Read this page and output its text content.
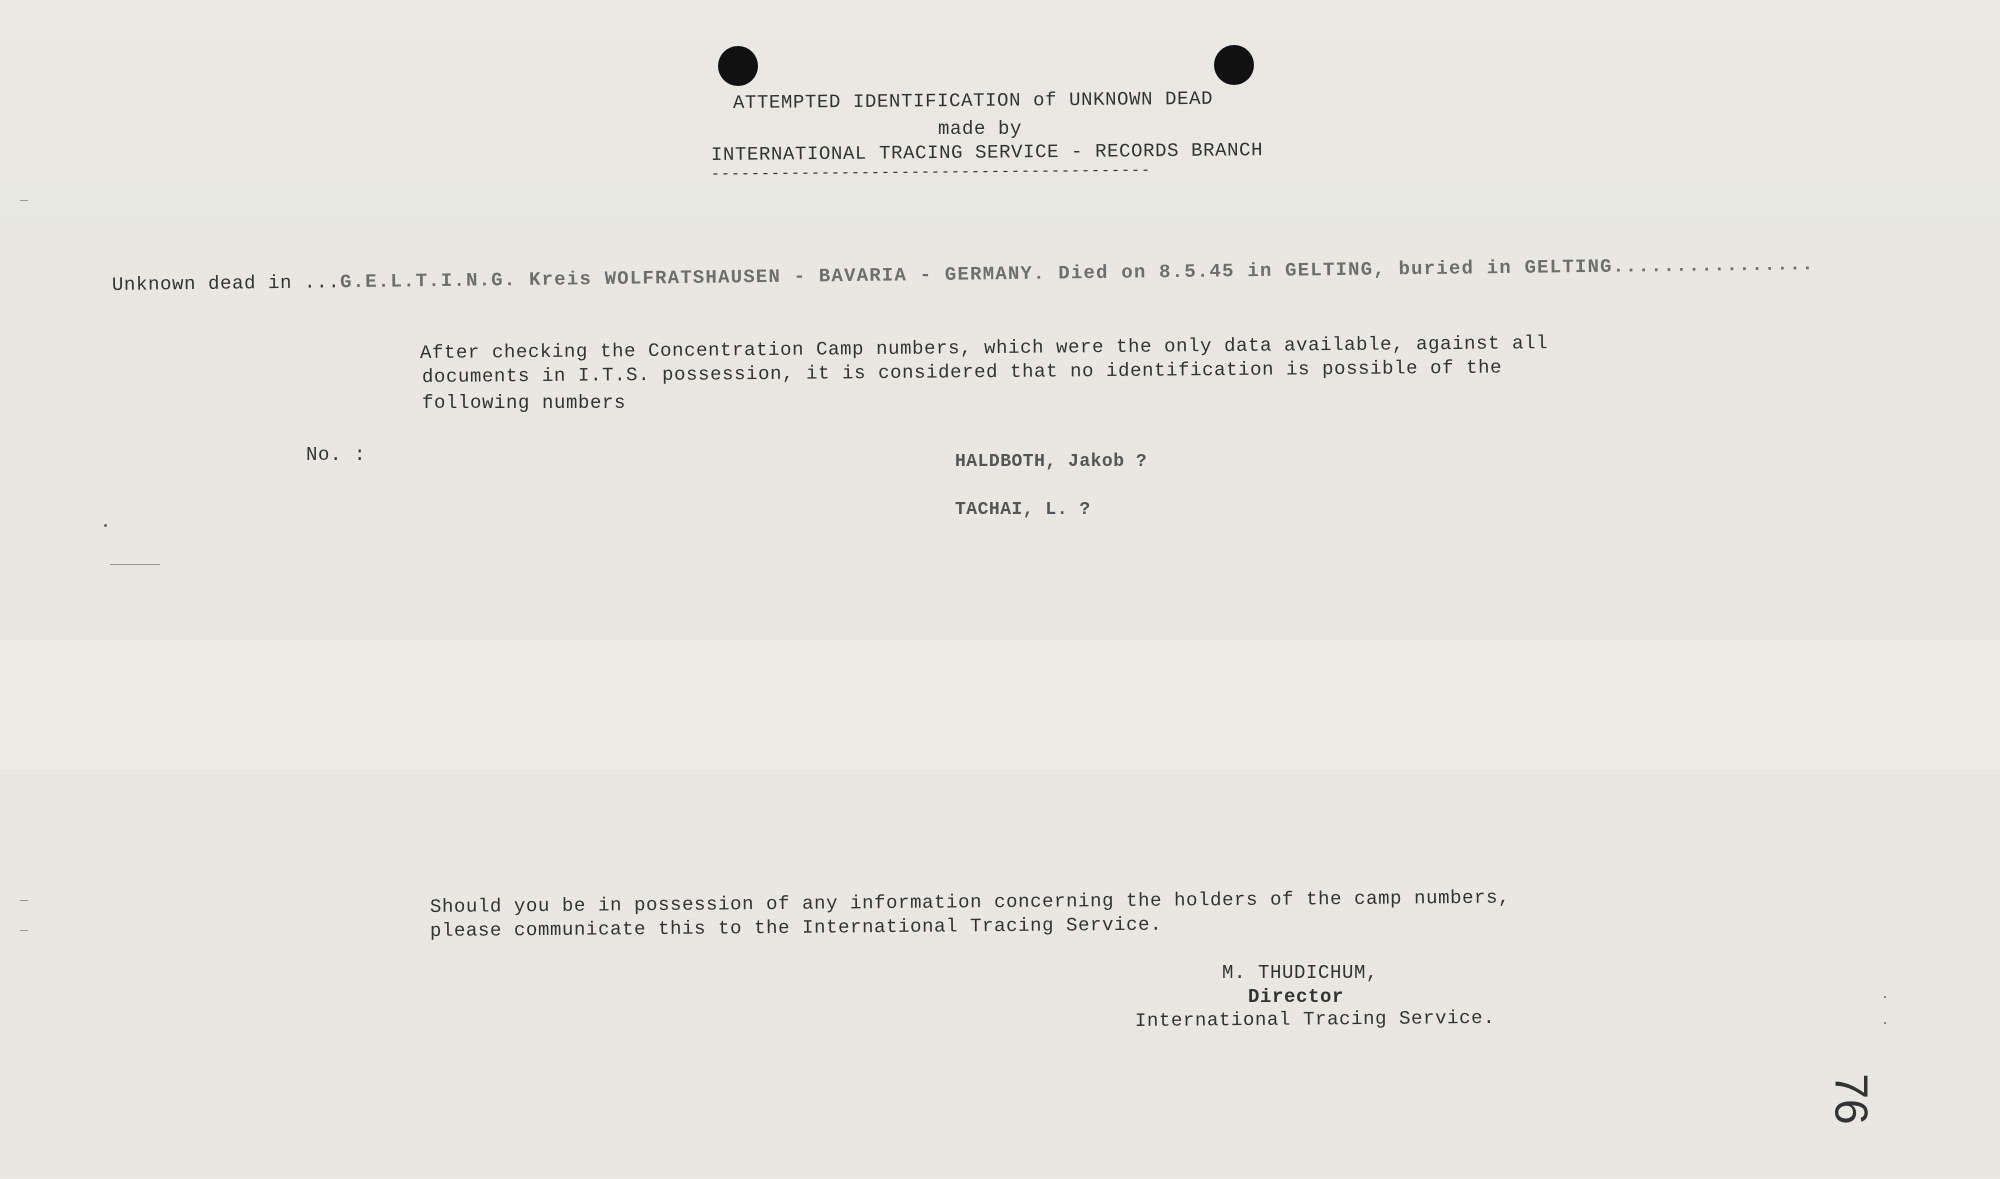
ATTEMPTED IDENTIFICATION of UNKNOWN DEAD
made by
INTERNATIONAL TRACING SERVICE - RECORDS BRANCH
--------------------------------------------
Unknown dead in ...G.E.L.T.I.N.G. Kreis WOLFRATSHAUSEN - BAVARIA - GERMANY. Died on 8.5.45 in GELTING, buried in GELTING................
After checking the Concentration Camp numbers, which were the only data available, against all
documents in I.T.S. possession, it is considered that no identification is possible of the
following numbers
No. :	HALDBOTH, Jakob ?
TACHAI, L. ?
Should you be in possession of any information concerning the holders of the camp numbers,
please communicate this to the International Tracing Service.
M. THUDICHUM,
Director
International Tracing Service.
76
